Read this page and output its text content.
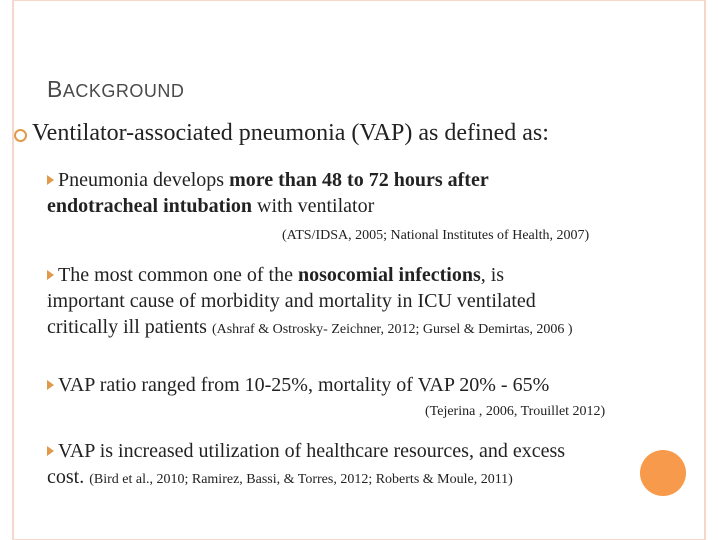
BACKGROUND
Ventilator-associated pneumonia (VAP) as defined as:
Pneumonia develops more than 48 to 72 hours after
endotracheal intubation with ventilator
(ATS/IDSA, 2005; National Institutes of Health, 2007)
The most common one of the nosocomial infections, is
important cause of morbidity and mortality in ICU ventilated
critically ill patients (Ashraf & Ostrosky- Zeichner, 2012; Gursel & Demirtas, 2006 )
VAP ratio ranged from 10-25%, mortality of VAP 20% - 65%
(Tejerina , 2006, Trouillet 2012)
VAP is increased utilization of healthcare resources, and excess
cost. (Bird et al., 2010; Ramirez, Bassi, & Torres, 2012; Roberts & Moule, 2011)
